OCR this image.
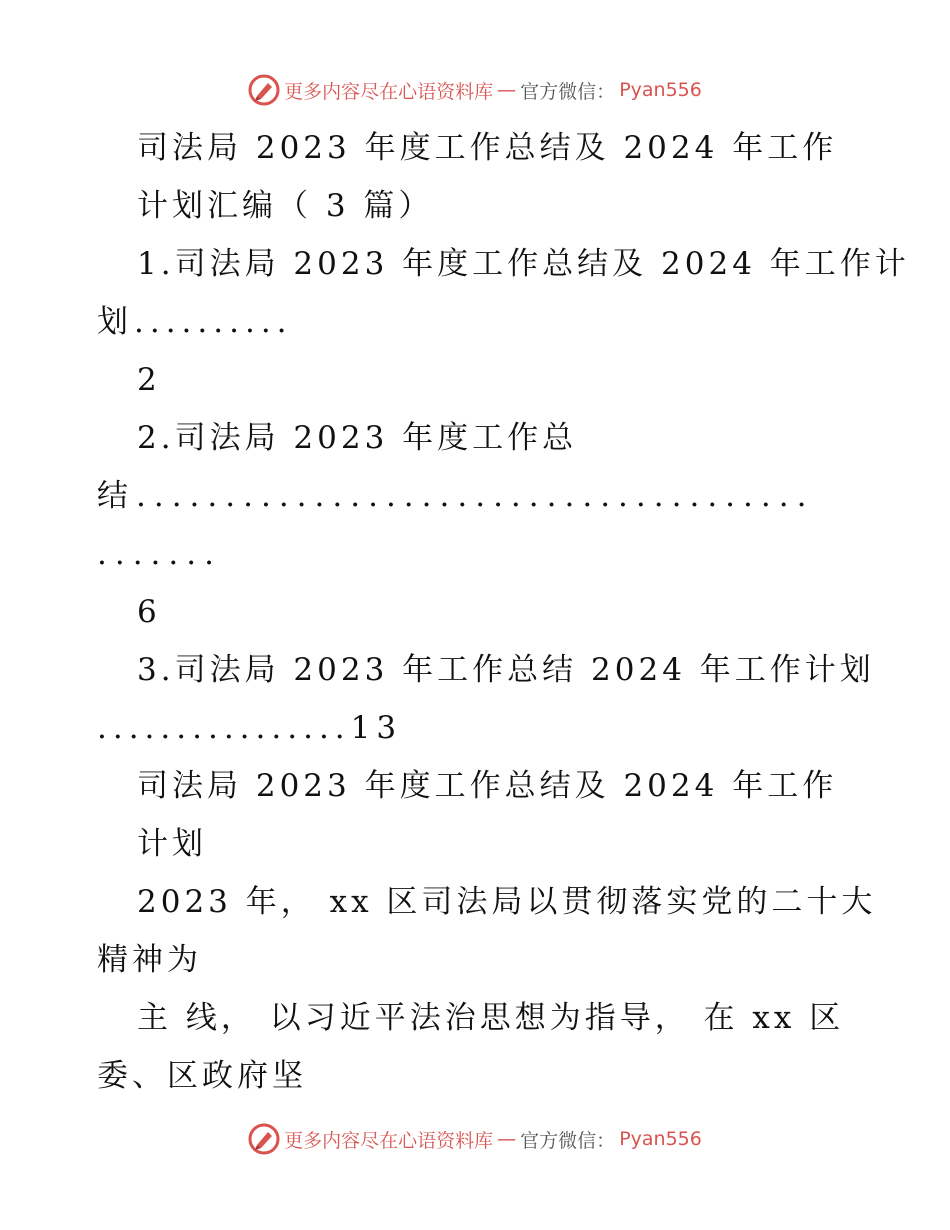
更多内容尽在心语资料库 — 官方微信： Pyan556
司法局 2023 年度工作总结及 2024 年工作
计划汇编（ 3 篇）
1.司法局 2023 年度工作总结及 2024 年工作计
划..........
2
2.司法局 2023 年度工作总
结......................................
.......
6
3.司法局 2023 年工作总结 2024 年工作计划
................13
司法局 2023 年度工作总结及 2024 年工作
计划
2023 年， xx 区司法局以贯彻落实党的二十大
精神为
主 线， 以习近平法治思想为指导， 在 xx 区
委、区政府坚
更多内容尽在心语资料库 — 官方微信： Pyan556
